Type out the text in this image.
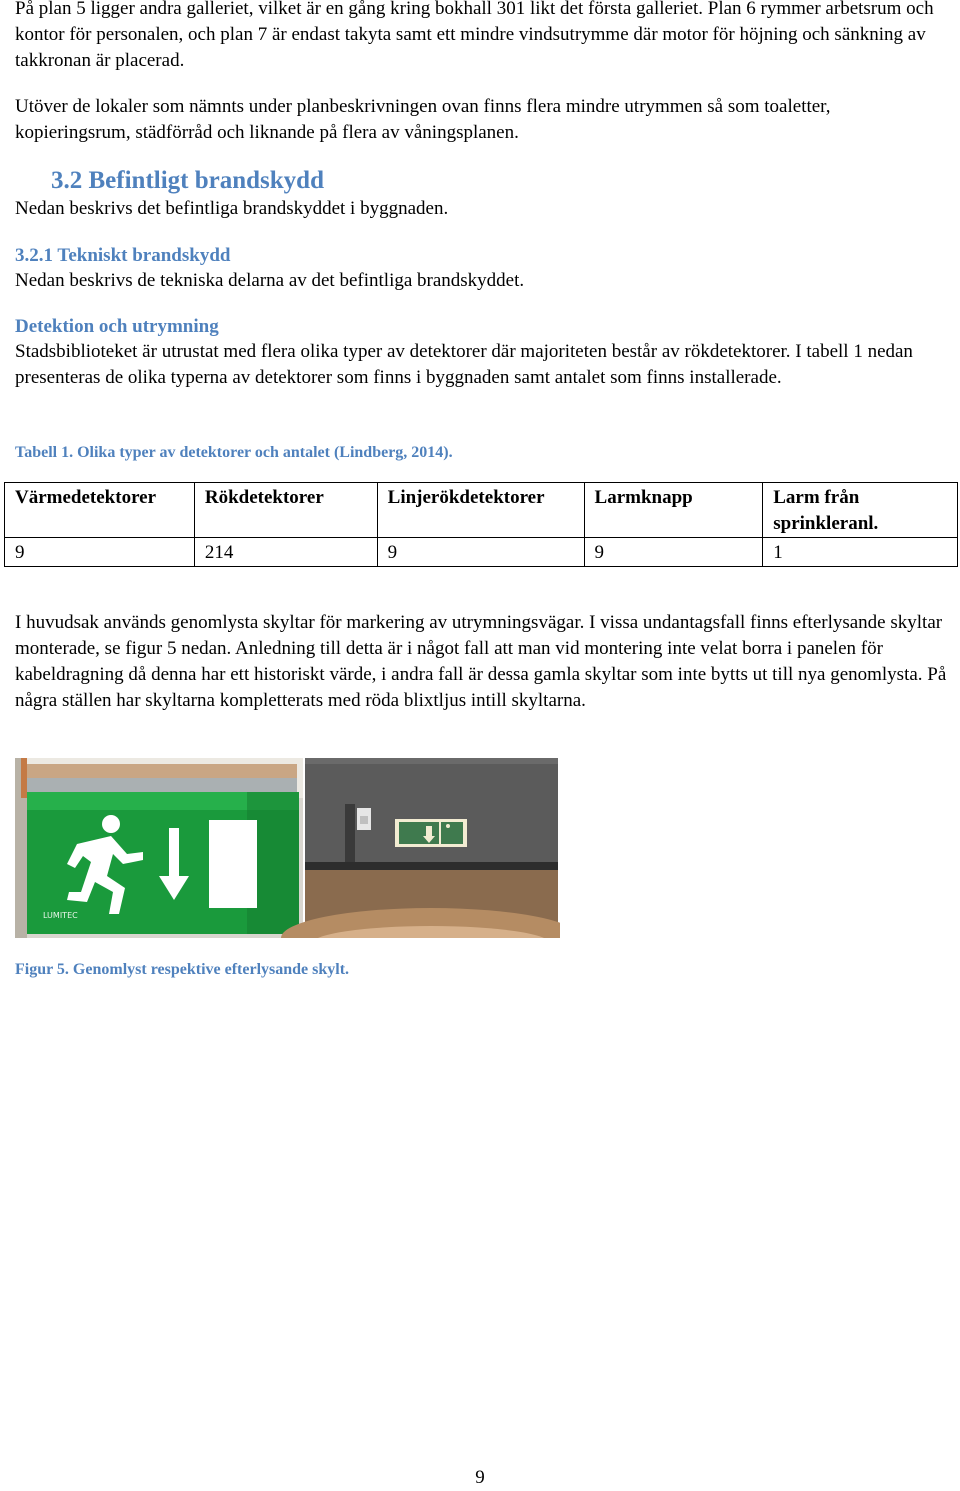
På plan 5 ligger andra galleriet, vilket är en gång kring bokhall 301 likt det första galleriet. Plan 6 rymmer arbetsrum och kontor för personalen, och plan 7 är endast takyta samt ett mindre vindsutrymme där motor för höjning och sänkning av takkronan är placerad.

Utöver de lokaler som nämnts under planbeskrivningen ovan finns flera mindre utrymmen så som toaletter, kopieringsrum, städförråd och liknande på flera av våningsplanen.

3.2 Befintligt brandskydd

Nedan beskrivs det befintliga brandskyddet i byggnaden.

3.2.1 Tekniskt brandskydd

Nedan beskrivs de tekniska delarna av det befintliga brandskyddet.

Detektion och utrymning

Stadsbiblioteket är utrustat med flera olika typer av detektorer där majoriteten består av rökdetektorer. I tabell 1 nedan presenteras de olika typerna av detektorer som finns i byggnaden samt antalet som finns installerade.

Tabell 1. Olika typer av detektorer och antalet (Lindberg, 2014).
Värmedetektorer	Rökdetektorer	Linjerökdetektorer	Larmknapp	Larm från sprinkleranl.
9	214	9	9	1

I huvudsak används genomlysta skyltar för markering av utrymningsvägar. I vissa undantagsfall finns efterlysande skyltar monterade, se figur 5 nedan. Anledning till detta är i något fall att man vid montering inte velat borra i panelen för kabeldragning då denna har ett historiskt värde, i andra fall är dessa gamla skyltar som inte bytts ut till nya genomlysta. På några ställen har skyltarna kompletterats med röda blixtljus intill skyltarna.

LUMITEC
Figur 5. Genomlyst respektive efterlysande skylt.
9
